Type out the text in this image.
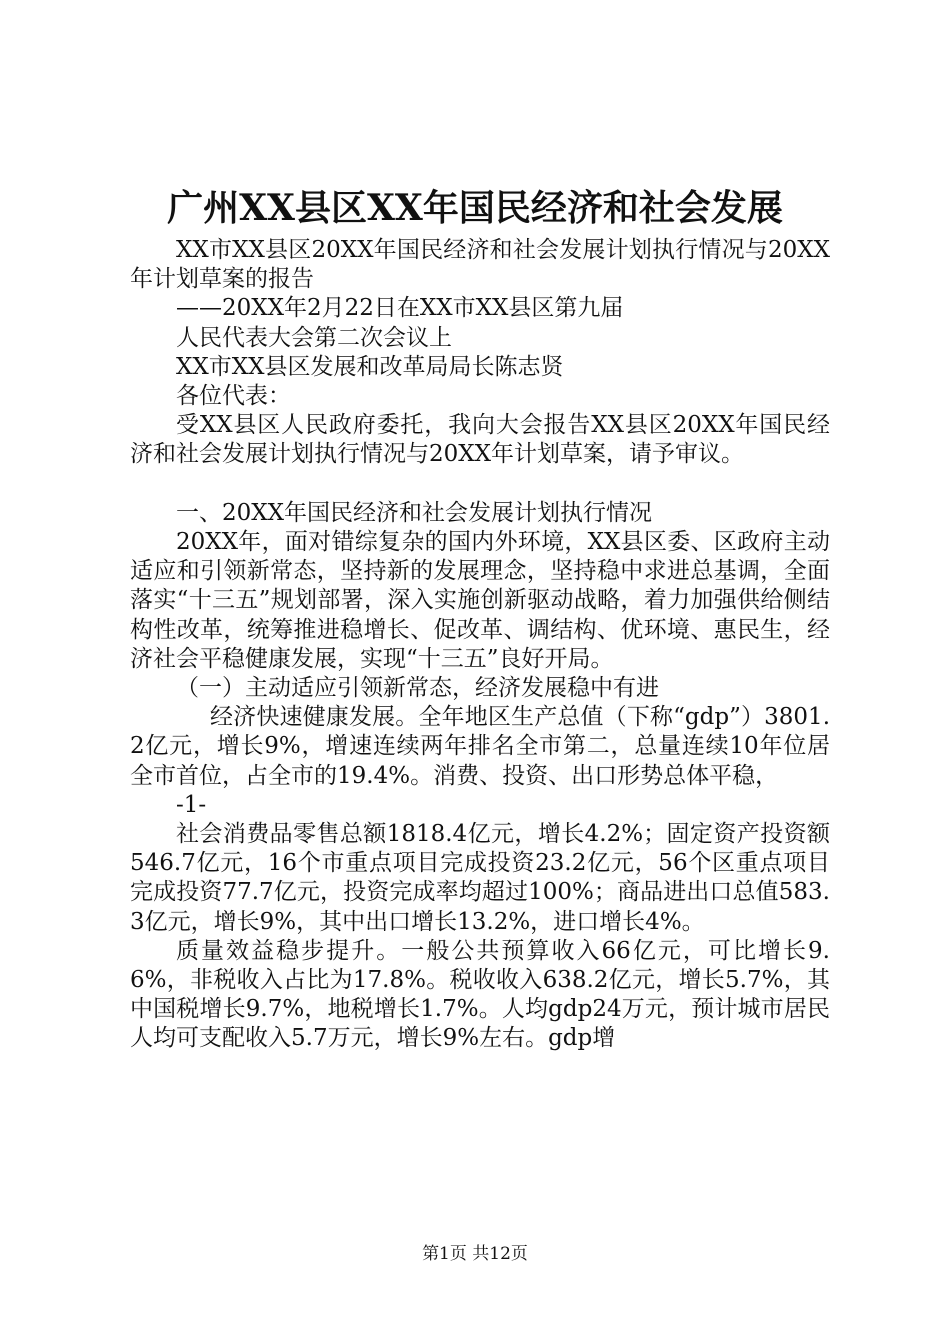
广州XX县区XX年国民经济和社会发展

XX市XX县区20XX年国民经济和社会发展计划执行情况与20XX年计划草案的报告

——20XX年2月22日在XX市XX县区第九届

人民代表大会第二次会议上

XX市XX县区发展和改革局局长陈志贤

各位代表：

受XX县区人民政府委托，我向大会报告XX县区20XX年国民经济和社会发展计划执行情况与20XX年计划草案，请予审议。

一、20XX年国民经济和社会发展计划执行情况

20XX年，面对错综复杂的国内外环境，XX县区委、区政府主动适应和引领新常态，坚持新的发展理念，坚持稳中求进总基调，全面落实“十三五”规划部署，深入实施创新驱动战略，着力加强供给侧结构性改革，统筹推进稳增长、促改革、调结构、优环境、惠民生，经济社会平稳健康发展，实现“十三五”良好开局。

（一）主动适应引领新常态，经济发展稳中有进

经济快速健康发展。全年地区生产总值（下称“gdp”）3801.2亿元，增长9%，增速连续两年排名全市第二，总量连续10年位居全市首位，占全市的19.4%。消费、投资、出口形势总体平稳，

-1-

社会消费品零售总额1818.4亿元，增长4.2%；固定资产投资额546.7亿元，16个市重点项目完成投资23.2亿元，56个区重点项目完成投资77.7亿元，投资完成率均超过100%；商品进出口总值583.3亿元，增长9%，其中出口增长13.2%，进口增长4%。

质量效益稳步提升。一般公共预算收入66亿元，可比增长9.6%，非税收入占比为17.8%。税收收入638.2亿元，增长5.7%，其中国税增长9.7%，地税增长1.7%。人均gdp24万元，预计城市居民人均可支配收入5.7万元，增长9%左右。gdp增

第1页 共12页
